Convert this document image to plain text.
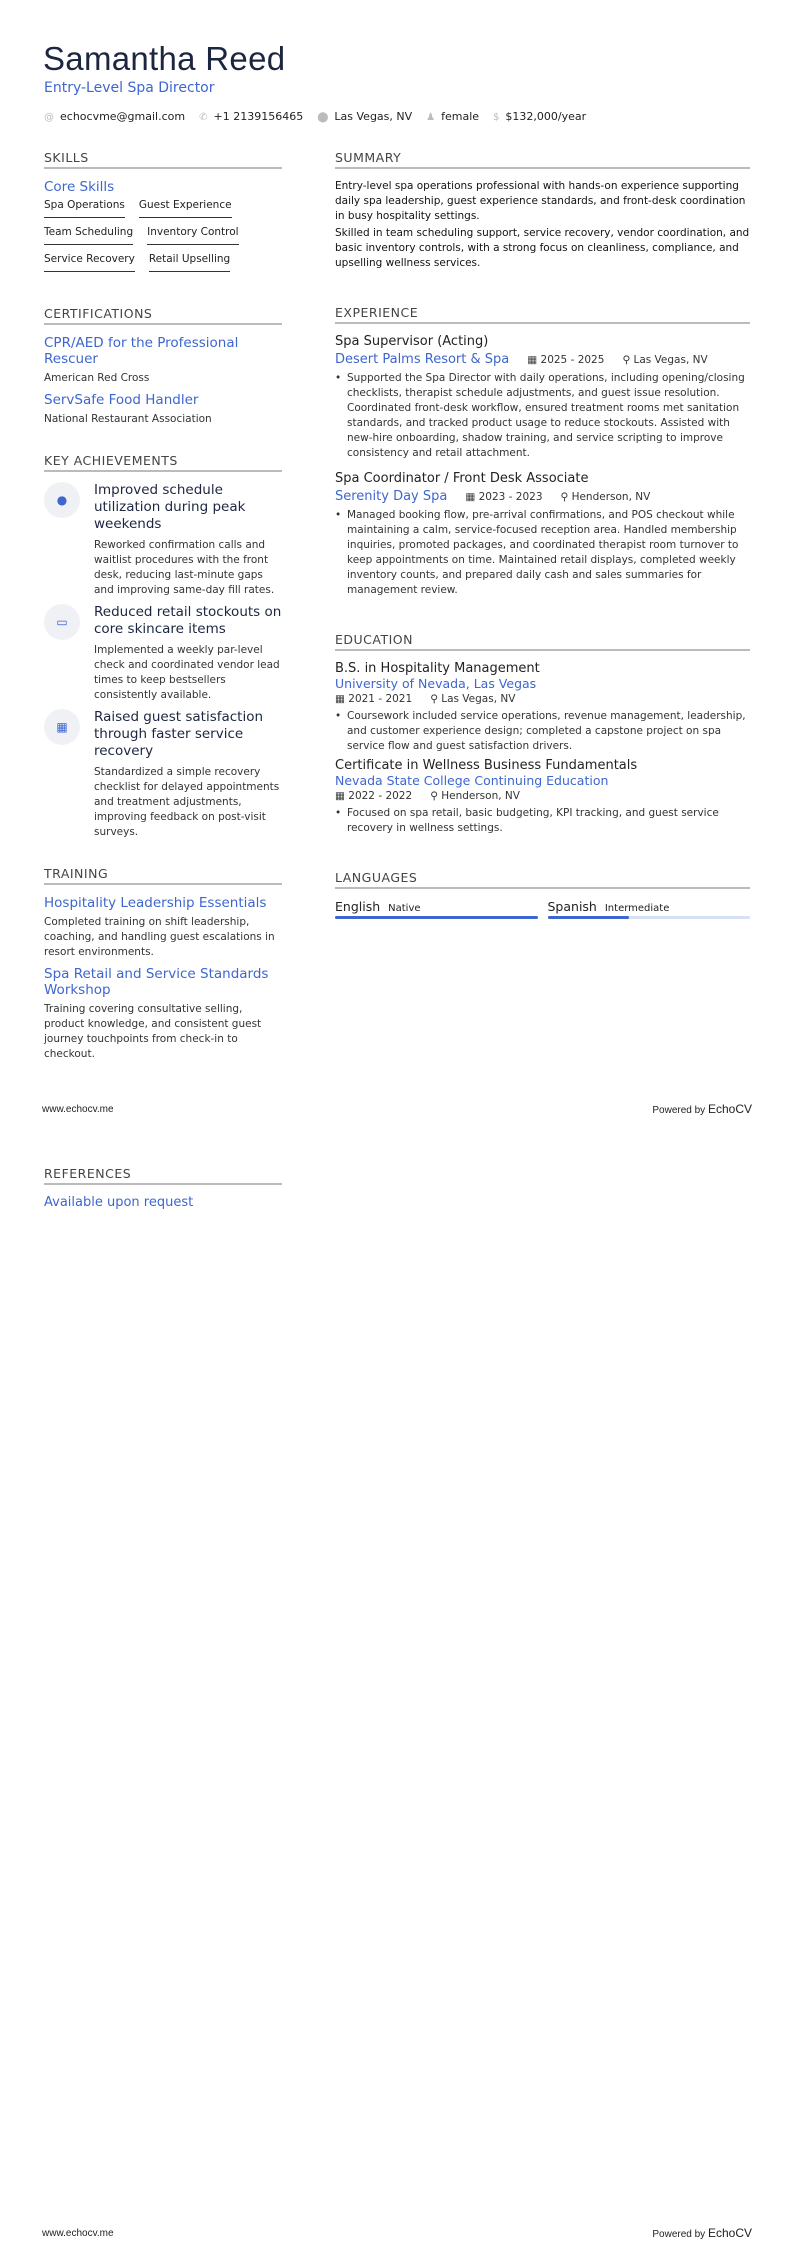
Samantha Reed
Entry-Level Spa Director
@ echocvme@gmail.com ✆ +1 2139156465 ⬤ Las Vegas, NV ♟ female $ $132,000/year
SKILLS
Core Skills
Spa Operations Guest Experience
Team Scheduling Inventory Control
Service Recovery Retail Upselling
CERTIFICATIONS
CPR/AED for the Professional Rescuer
American Red Cross
ServSafe Food Handler
National Restaurant Association
KEY ACHIEVEMENTS
●
Improved schedule utilization during peak weekends
Reworked confirmation calls and waitlist procedures with the front desk, reducing last-minute gaps and improving same-day fill rates.
▭
Reduced retail stockouts on core skincare items
Implemented a weekly par-level check and coordinated vendor lead times to keep bestsellers consistently available.
▦
Raised guest satisfaction through faster service recovery
Standardized a simple recovery checklist for delayed appointments and treatment adjustments, improving feedback on post-visit surveys.
TRAINING
Hospitality Leadership Essentials
Completed training on shift leadership, coaching, and handling guest escalations in resort environments.
Spa Retail and Service Standards Workshop
Training covering consultative selling, product knowledge, and consistent guest journey touchpoints from check-in to checkout.
SUMMARY

Entry-level spa operations professional with hands-on experience supporting daily spa leadership, guest experience standards, and front-desk coordination in busy hospitality settings.

Skilled in team scheduling support, service recovery, vendor coordination, and basic inventory controls, with a strong focus on cleanliness, compliance, and upselling wellness services.

EXPERIENCE
Spa Supervisor (Acting)
Desert Palms Resort & Spa ▦ 2025 - 2025 ⚲ Las Vegas, NV
• Supported the Spa Director with daily operations, including opening/closing checklists, therapist schedule adjustments, and guest issue resolution. Coordinated front-desk workflow, ensured treatment rooms met sanitation standards, and tracked product usage to reduce stockouts. Assisted with new-hire onboarding, shadow training, and service scripting to improve consistency and retail attachment.
Spa Coordinator / Front Desk Associate
Serenity Day Spa ▦ 2023 - 2023 ⚲ Henderson, NV
• Managed booking flow, pre-arrival confirmations, and POS checkout while maintaining a calm, service-focused reception area. Handled membership inquiries, promoted packages, and coordinated therapist room turnover to keep appointments on time. Maintained retail displays, completed weekly inventory counts, and prepared daily cash and sales summaries for management review.
EDUCATION
B.S. in Hospitality Management
University of Nevada, Las Vegas
▦ 2021 - 2021 ⚲ Las Vegas, NV
• Coursework included service operations, revenue management, leadership, and customer experience design; completed a capstone project on spa service flow and guest satisfaction drivers.
Certificate in Wellness Business Fundamentals
Nevada State College Continuing Education
▦ 2022 - 2022 ⚲ Henderson, NV
• Focused on spa retail, basic budgeting, KPI tracking, and guest service recovery in wellness settings.
LANGUAGES
English Native	Spanish Intermediate
www.echocv.me	Powered by EchoCV
REFERENCES
Available upon request
www.echocv.me	Powered by EchoCV
